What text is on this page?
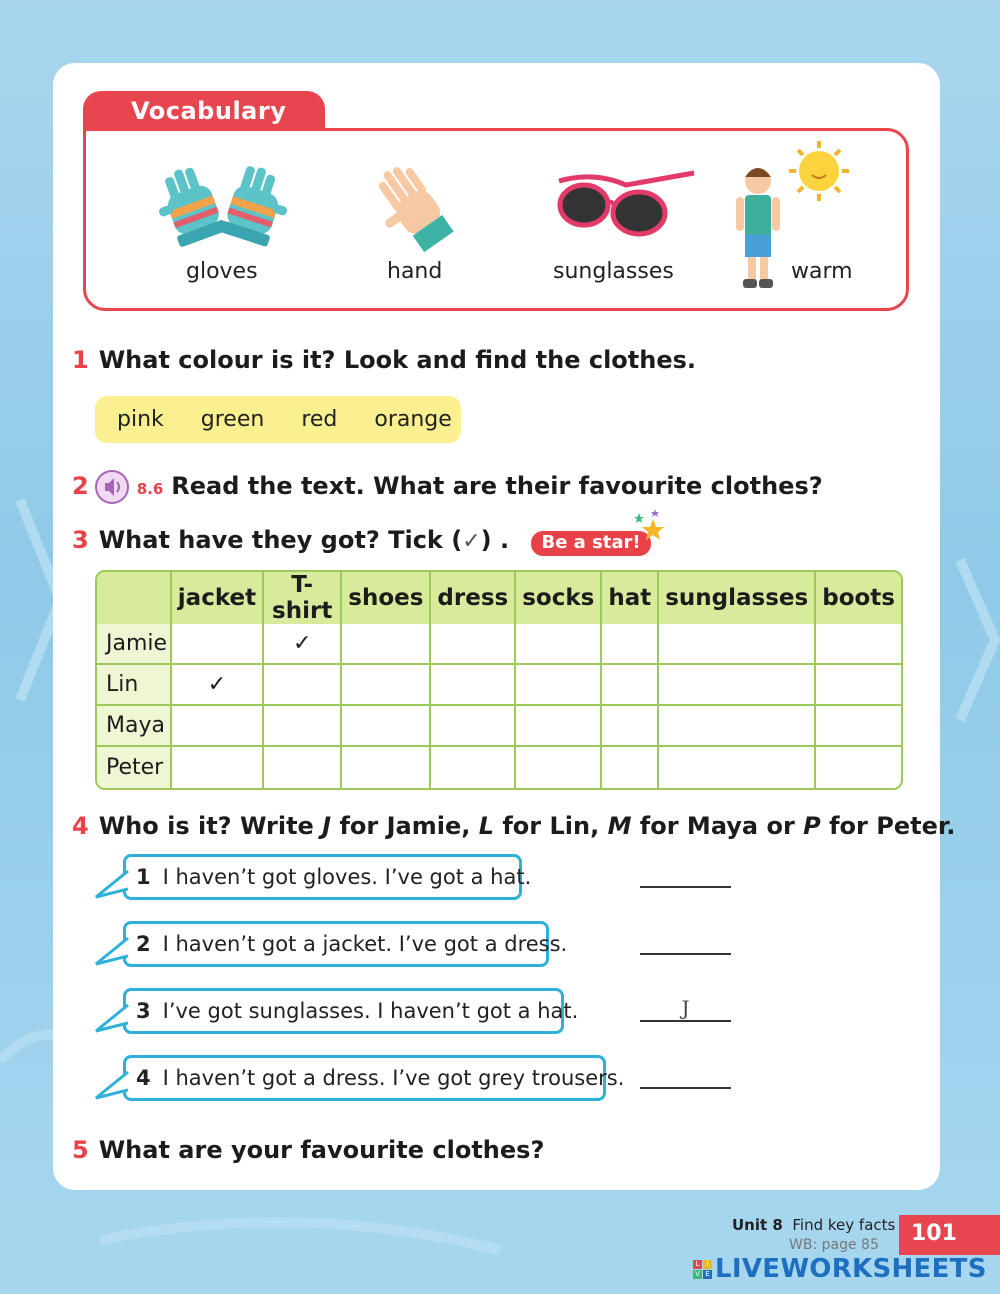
Vocabulary
gloves	hand	sunglasses	warm
1 What colour is it? Look and find the clothes.
pink green red orange
2	8.6 Read the text. What are their favourite clothes?
3 What have they got? Tick (✓) . Be a star!
	jacket	T-shirt	shoes	dress	socks	hat	sunglasses	boots
Jamie		✓						
Lin	✓							
Maya								
Peter								
4 Who is it? Write J for Jamie, L for Lin, M for Maya or P for Peter.
1 I haven’t got gloves. I’ve got a hat.
2 I haven’t got a jacket. I’ve got a dress.
3 I’ve got sunglasses. I haven’t got a hat.	J
4 I haven’t got a dress. I’ve got grey trousers.
5 What are your favourite clothes?
Unit 8 Find key facts
WB: page 85	101
L	I
V E LIVEWORKSHEETS
